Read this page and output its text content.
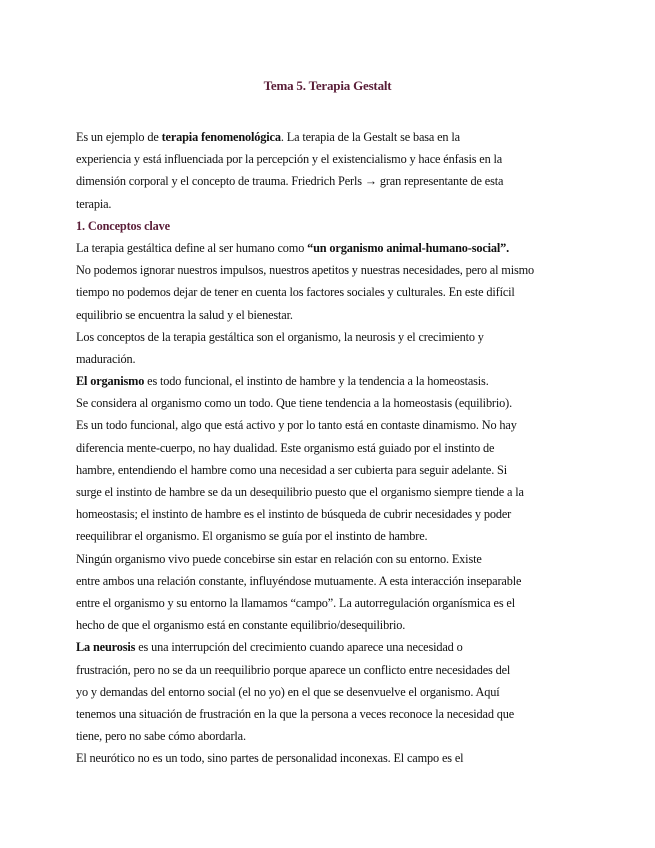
Tema 5. Terapia Gestalt
Es un ejemplo de terapia fenomenológica. La terapia de la Gestalt se basa en la
experiencia y está influenciada por la percepción y el existencialismo y hace énfasis en la
dimensión corporal y el concepto de trauma. Friedrich Perls → gran representante de esta
terapia.
1. Conceptos clave
La terapia gestáltica define al ser humano como “un organismo animal-humano-social”.
No podemos ignorar nuestros impulsos, nuestros apetitos y nuestras necesidades, pero al mismo
tiempo no podemos dejar de tener en cuenta los factores sociales y culturales. En este difícil
equilibrio se encuentra la salud y el bienestar.
Los conceptos de la terapia gestáltica son el organismo, la neurosis y el crecimiento y
maduración.
El organismo es todo funcional, el instinto de hambre y la tendencia a la homeostasis.
Se considera al organismo como un todo. Que tiene tendencia a la homeostasis (equilibrio).
Es un todo funcional, algo que está activo y por lo tanto está en contaste dinamismo. No hay
diferencia mente-cuerpo, no hay dualidad. Este organismo está guiado por el instinto de
hambre, entendiendo el hambre como una necesidad a ser cubierta para seguir adelante. Si
surge el instinto de hambre se da un desequilibrio puesto que el organismo siempre tiende a la
homeostasis; el instinto de hambre es el instinto de búsqueda de cubrir necesidades y poder
reequilibrar el organismo. El organismo se guía por el instinto de hambre.
Ningún organismo vivo puede concebirse sin estar en relación con su entorno. Existe
entre ambos una relación constante, influyéndose mutuamente. A esta interacción inseparable
entre el organismo y su entorno la llamamos “campo”. La autorregulación organísmica es el
hecho de que el organismo está en constante equilibrio/desequilibrio.
La neurosis es una interrupción del crecimiento cuando aparece una necesidad o
frustración, pero no se da un reequilibrio porque aparece un conflicto entre necesidades del
yo y demandas del entorno social (el no yo) en el que se desenvuelve el organismo. Aquí
tenemos una situación de frustración en la que la persona a veces reconoce la necesidad que
tiene, pero no sabe cómo abordarla.
El neurótico no es un todo, sino partes de personalidad inconexas. El campo es el
